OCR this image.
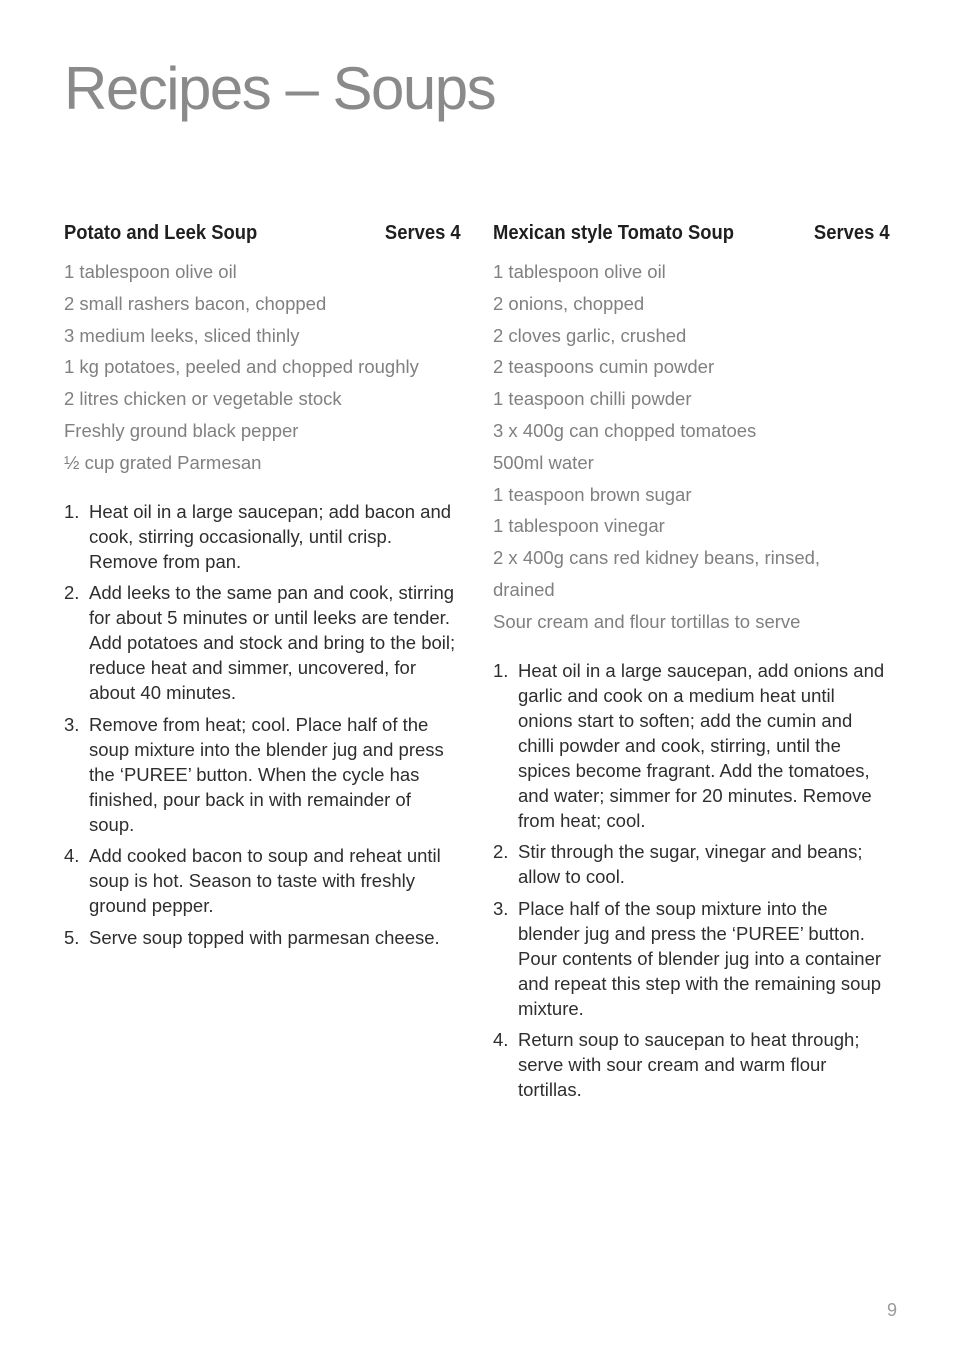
Recipes – Soups
Potato and Leek Soup	Serves 4
1 tablespoon olive oil
2 small rashers bacon, chopped
3 medium leeks, sliced thinly
1 kg potatoes, peeled and chopped roughly
2 litres chicken or vegetable stock
Freshly ground black pepper
½ cup grated Parmesan
1. Heat oil in a large saucepan; add bacon and cook, stirring occasionally, until crisp. Remove from pan.
2. Add leeks to the same pan and cook, stirring for about 5 minutes or until leeks are tender. Add potatoes and stock and bring to the boil; reduce heat and simmer, uncovered, for about 40 minutes.
3. Remove from heat; cool. Place half of the soup mixture into the blender jug and press the ‘PUREE’ button. When the cycle has finished, pour back in with remainder of soup.
4. Add cooked bacon to soup and reheat until soup is hot. Season to taste with freshly ground pepper.
5. Serve soup topped with parmesan cheese.
Mexican style Tomato Soup	Serves 4
1 tablespoon olive oil
2 onions, chopped
2 cloves garlic, crushed
2 teaspoons cumin powder
1 teaspoon chilli powder
3 x 400g can chopped tomatoes
500ml water
1 teaspoon brown sugar
1 tablespoon vinegar
2 x 400g cans red kidney beans, rinsed,
drained
Sour cream and flour tortillas to serve
1. Heat oil in a large saucepan, add onions and garlic and cook on a medium heat until onions start to soften; add the cumin and chilli powder and cook, stirring, until the spices become fragrant. Add the tomatoes, and water; simmer for 20 minutes. Remove from heat; cool.
2. Stir through the sugar, vinegar and beans; allow to cool.
3. Place half of the soup mixture into the blender jug and press the ‘PUREE’ button. Pour contents of blender jug into a container and repeat this step with the remaining soup mixture.
4. Return soup to saucepan to heat through; serve with sour cream and warm flour tortillas.
9
